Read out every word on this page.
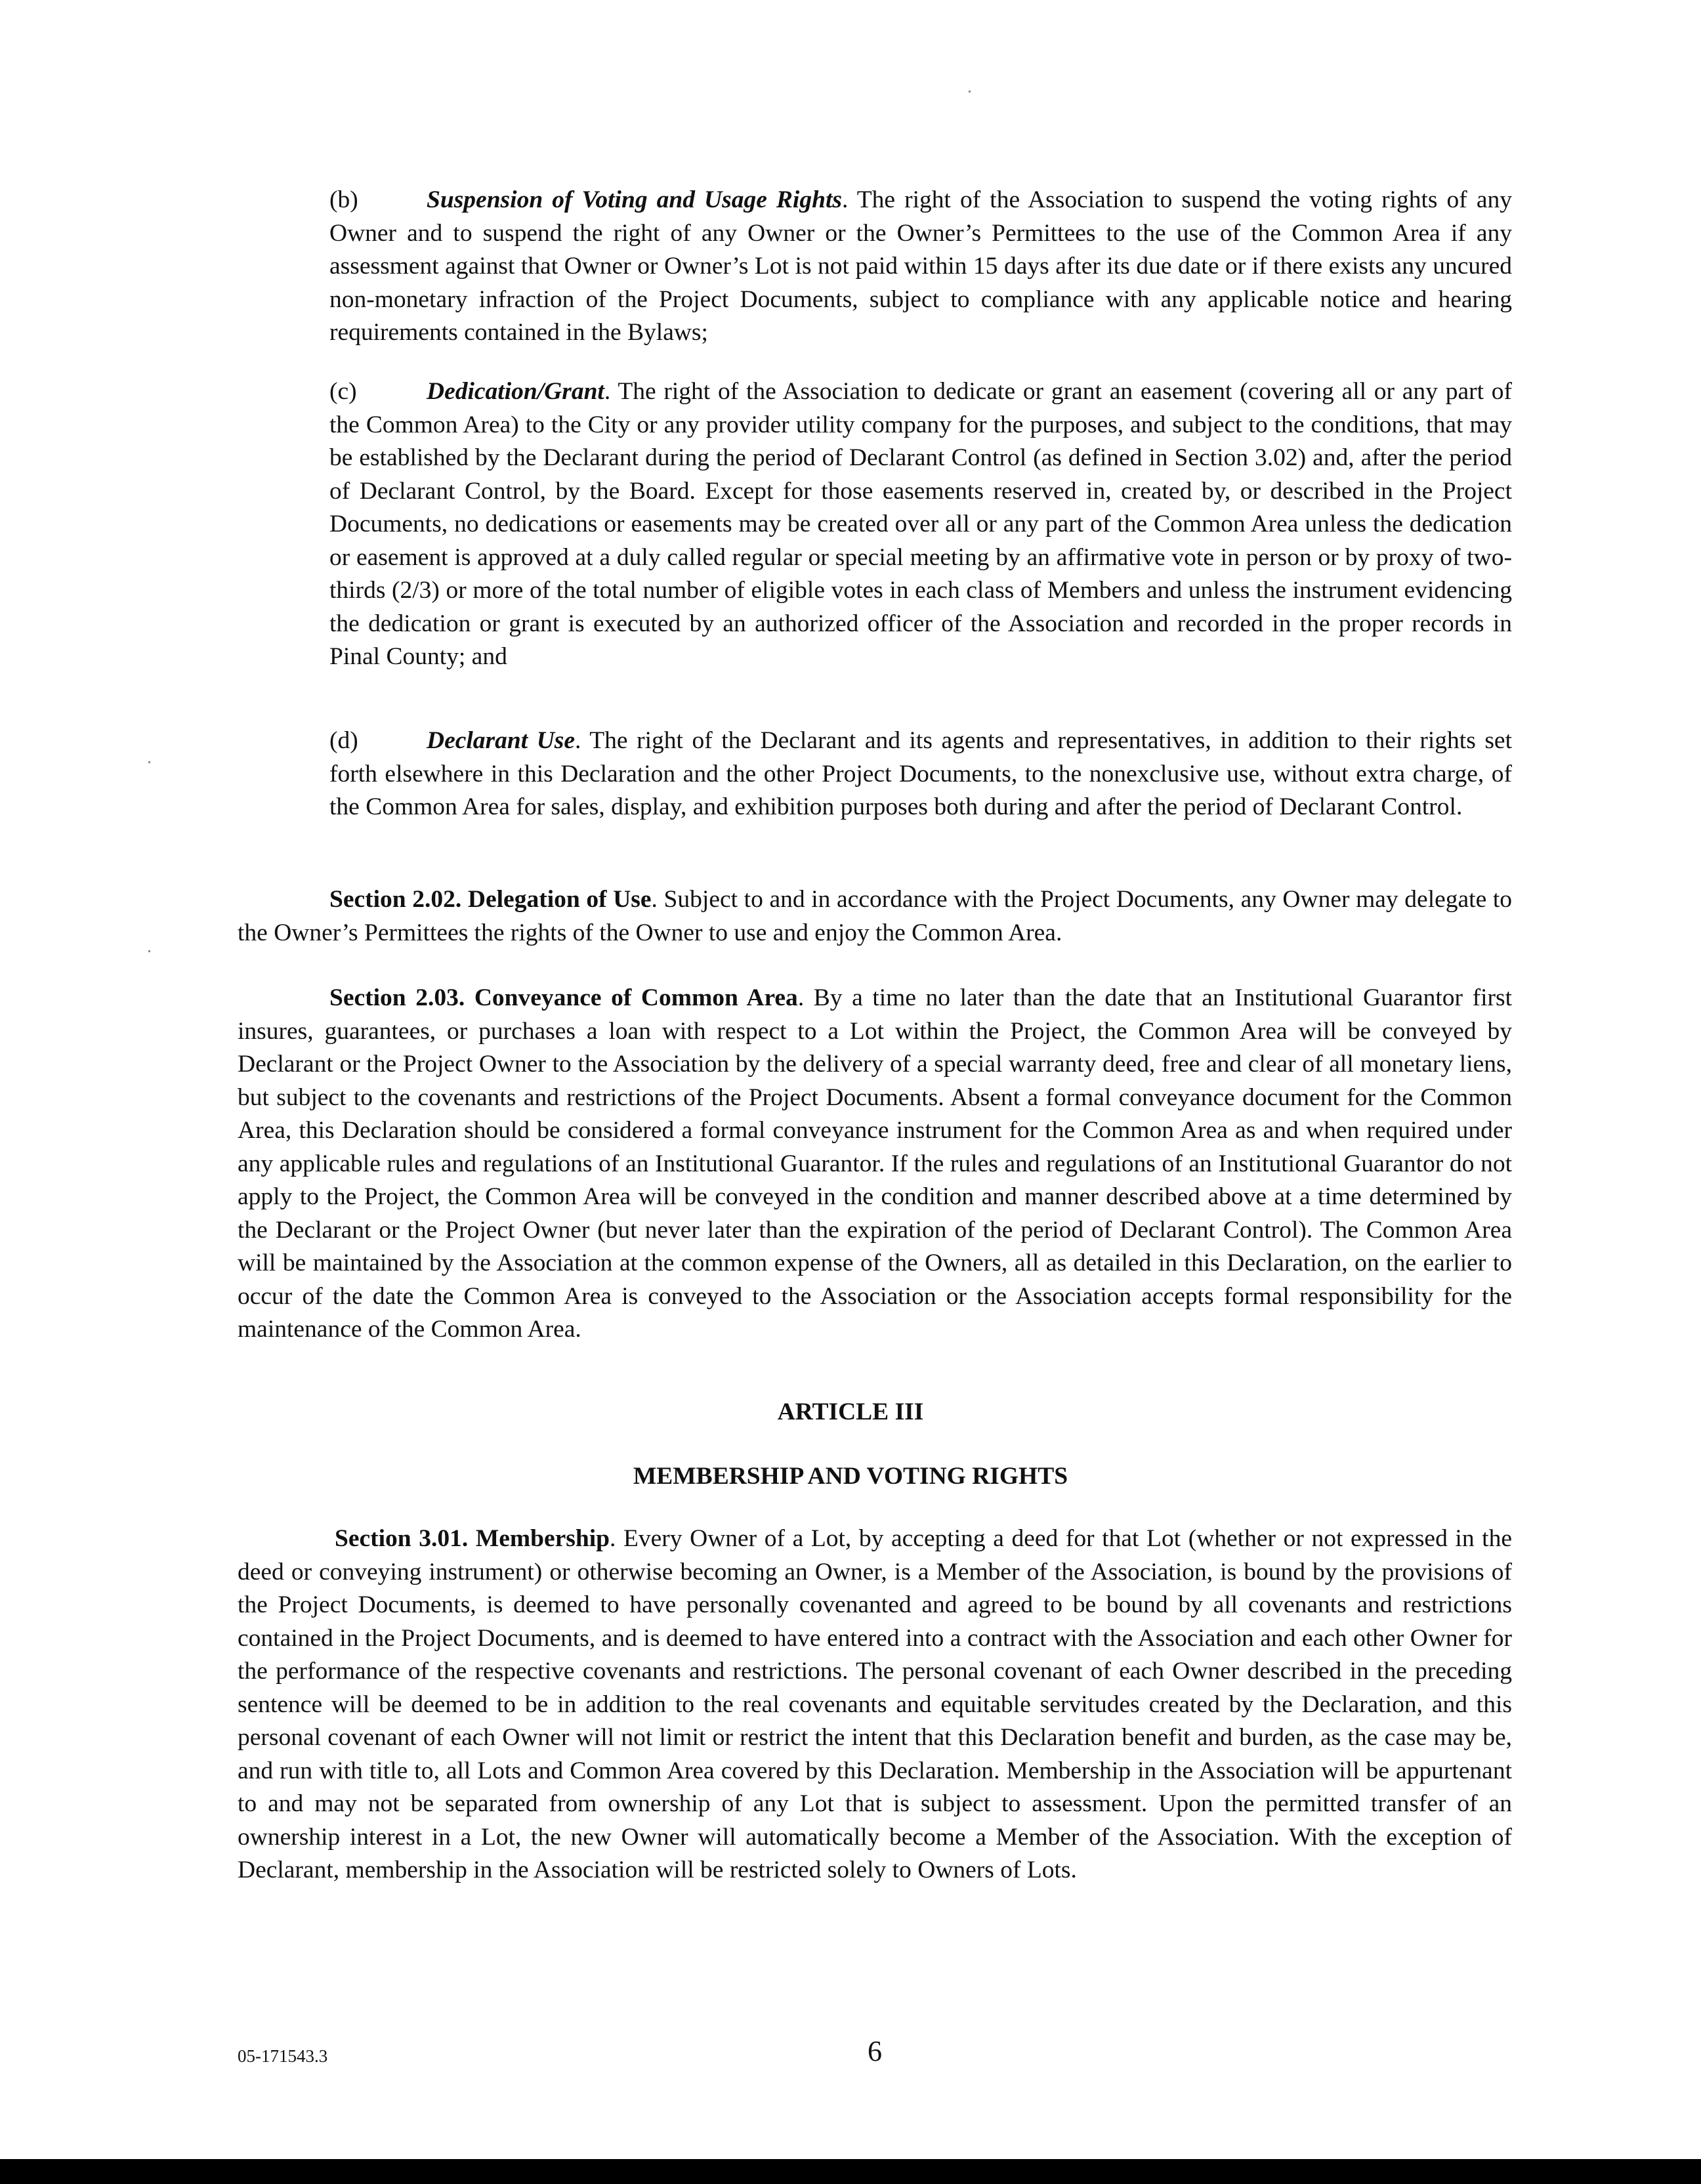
(b)	Suspension of Voting and Usage Rights. The right of the Association to suspend the voting rights of any Owner and to suspend the right of any Owner or the Owner’s Permittees to the use of the Common Area if any assessment against that Owner or Owner’s Lot is not paid within 15 days after its due date or if there exists any uncured non-monetary infraction of the Project Documents, subject to compliance with any applicable notice and hearing requirements contained in the Bylaws;

(c)	Dedication/Grant. The right of the Association to dedicate or grant an easement (covering all or any part of the Common Area) to the City or any provider utility company for the purposes, and subject to the conditions, that may be established by the Declarant during the period of Declarant Control (as defined in Section 3.02) and, after the period of Declarant Control, by the Board. Except for those easements reserved in, created by, or described in the Project Documents, no dedications or easements may be created over all or any part of the Common Area unless the dedication or easement is approved at a duly called regular or special meeting by an affirmative vote in person or by proxy of two-thirds (2/3) or more of the total number of eligible votes in each class of Members and unless the instrument evidencing the dedication or grant is executed by an authorized officer of the Association and recorded in the proper records in Pinal County; and

(d)	Declarant Use. The right of the Declarant and its agents and representatives, in addition to their rights set forth elsewhere in this Declaration and the other Project Documents, to the nonexclusive use, without extra charge, of the Common Area for sales, display, and exhibition purposes both during and after the period of Declarant Control.

Section 2.02. Delegation of Use. Subject to and in accordance with the Project Documents, any Owner may delegate to the Owner’s Permittees the rights of the Owner to use and enjoy the Common Area.

Section 2.03. Conveyance of Common Area. By a time no later than the date that an Institutional Guarantor first insures, guarantees, or purchases a loan with respect to a Lot within the Project, the Common Area will be conveyed by Declarant or the Project Owner to the Association by the delivery of a special warranty deed, free and clear of all monetary liens, but subject to the covenants and restrictions of the Project Documents. Absent a formal conveyance document for the Common Area, this Declaration should be considered a formal conveyance instrument for the Common Area as and when required under any applicable rules and regulations of an Institutional Guarantor. If the rules and regulations of an Institutional Guarantor do not apply to the Project, the Common Area will be conveyed in the condition and manner described above at a time determined by the Declarant or the Project Owner (but never later than the expiration of the period of Declarant Control). The Common Area will be maintained by the Association at the common expense of the Owners, all as detailed in this Declaration, on the earlier to occur of the date the Common Area is conveyed to the Association or the Association accepts formal responsibility for the maintenance of the Common Area.

ARTICLE III
MEMBERSHIP AND VOTING RIGHTS

Section 3.01. Membership. Every Owner of a Lot, by accepting a deed for that Lot (whether or not expressed in the deed or conveying instrument) or otherwise becoming an Owner, is a Member of the Association, is bound by the provisions of the Project Documents, is deemed to have personally covenanted and agreed to be bound by all covenants and restrictions contained in the Project Documents, and is deemed to have entered into a contract with the Association and each other Owner for the performance of the respective covenants and restrictions. The personal covenant of each Owner described in the preceding sentence will be deemed to be in addition to the real covenants and equitable servitudes created by the Declaration, and this personal covenant of each Owner will not limit or restrict the intent that this Declaration benefit and burden, as the case may be, and run with title to, all Lots and Common Area covered by this Declaration. Membership in the Association will be appurtenant to and may not be separated from ownership of any Lot that is subject to assessment. Upon the permitted transfer of an ownership interest in a Lot, the new Owner will automatically become a Member of the Association. With the exception of Declarant, membership in the Association will be restricted solely to Owners of Lots.

05-171543.3	6
